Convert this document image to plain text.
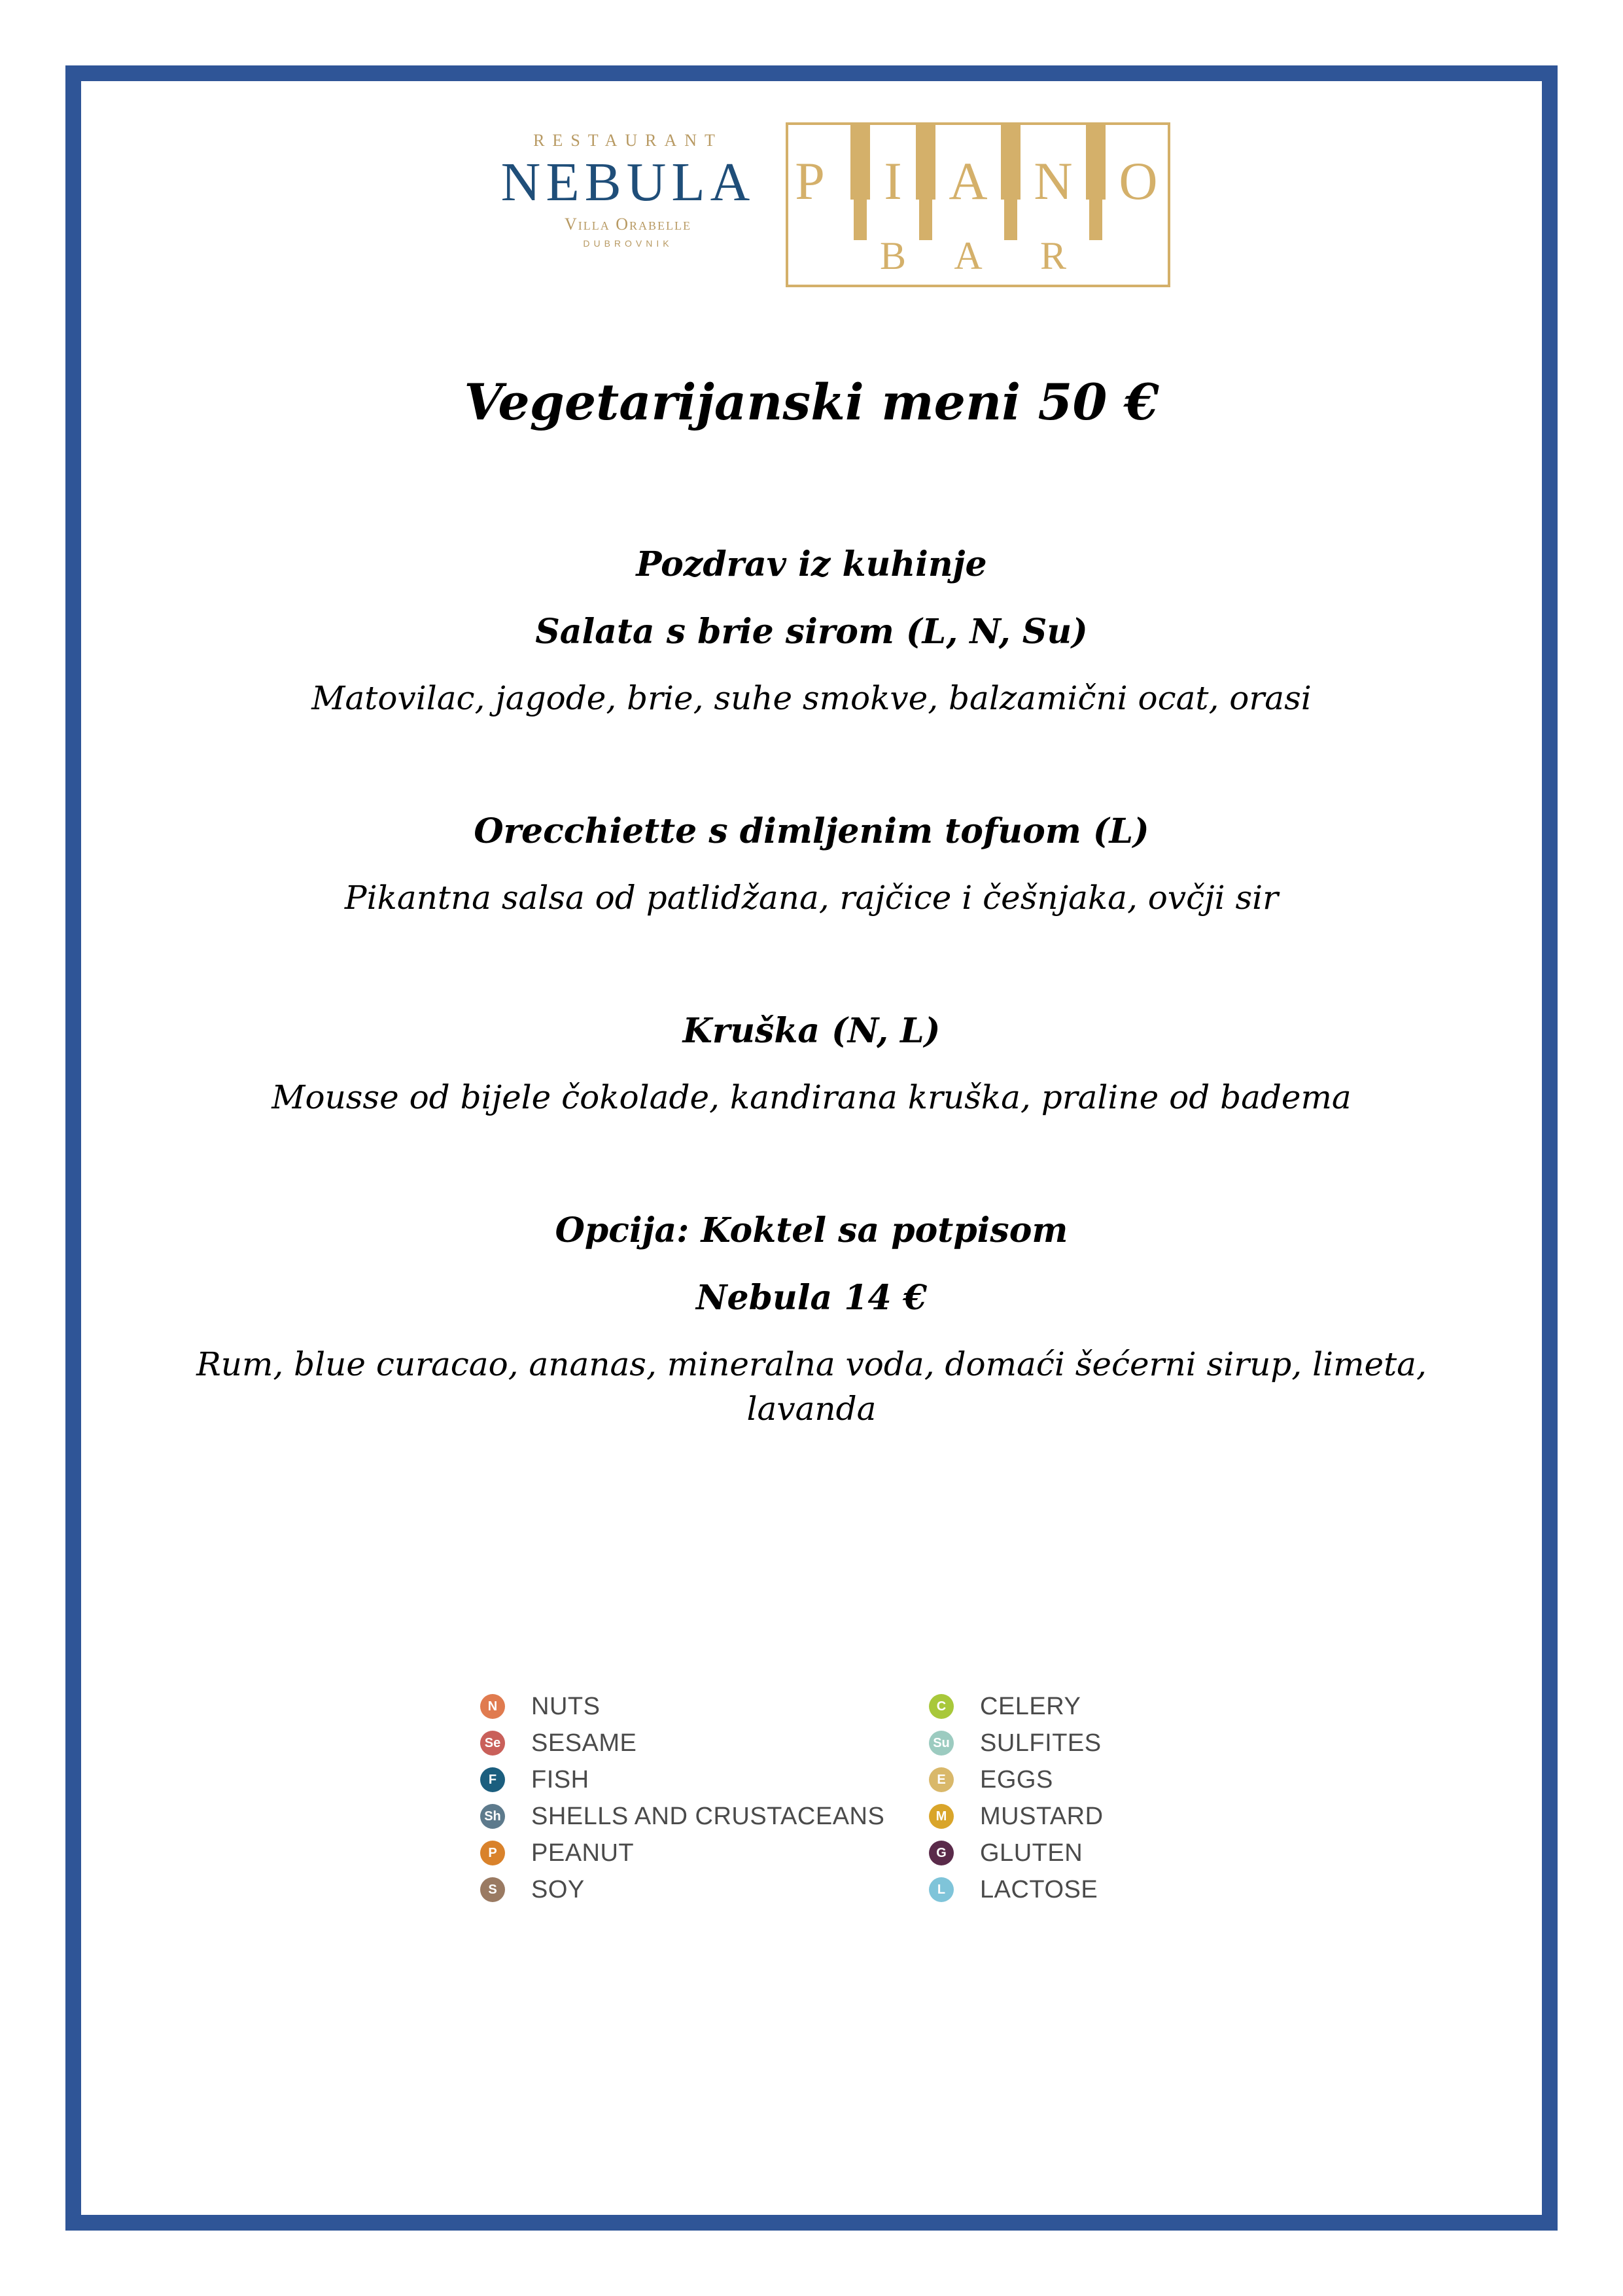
RESTAURANT
NEBULA
Villa Orabelle
DUBROVNIK
P I A N O
B A R
Vegetarijanski meni 50 €
Pozdrav iz kuhinje
Salata s brie sirom (L, N, Su)
Matovilac, jagode, brie, suhe smokve, balzamični ocat, orasi
Orecchiette s dimljenim tofuom (L)
Pikantna salsa od patlidžana, rajčice i češnjaka, ovčji sir
Kruška (N, L)
Mousse od bijele čokolade, kandirana kruška, praline od badema
Opcija: Koktel sa potpisom
Nebula 14 €
Rum, blue curacao, ananas, mineralna voda, domaći šećerni sirup, limeta,
lavanda
N	NUTS
Se SESAME
F	FISH
Sh SHELLS AND CRUSTACEANS
P	PEANUT
S	SOY
C	CELERY
Su SULFITES
E	EGGS
M MUSTARD
G GLUTEN
L	LACTOSE
